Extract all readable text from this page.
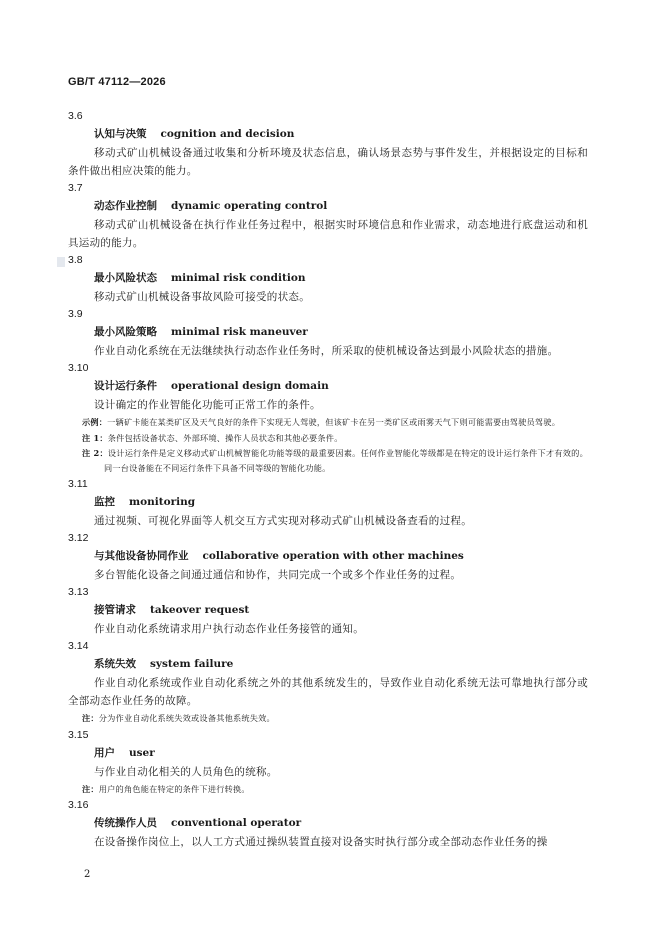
GB/T 47112—2026
3.6
认知与决策 cognition and decision
移动式矿山机械设备通过收集和分析环境及状态信息，确认场景态势与事件发生，并根据设定的目标和条件做出相应决策的能力。
3.7
动态作业控制 dynamic operating control
移动式矿山机械设备在执行作业任务过程中，根据实时环境信息和作业需求，动态地进行底盘运动和机具运动的能力。
3.8
最小风险状态 minimal risk condition
移动式矿山机械设备事故风险可接受的状态。
3.9
最小风险策略 minimal risk maneuver
作业自动化系统在无法继续执行动态作业任务时，所采取的使机械设备达到最小风险状态的措施。
3.10
设计运行条件 operational design domain
设计确定的作业智能化功能可正常工作的条件。
示例：一辆矿卡能在某类矿区及天气良好的条件下实现无人驾驶，但该矿卡在另一类矿区或雨雾天气下则可能需要由驾驶员驾驶。
注 1：条件包括设备状态、外部环境、操作人员状态和其他必要条件。
注 2：设计运行条件是定义移动式矿山机械智能化功能等级的最重要因素。任何作业智能化等级都是在特定的设计运行条件下才有效的。同一台设备能在不同运行条件下具备不同等级的智能化功能。
3.11
监控 monitoring
通过视频、可视化界面等人机交互方式实现对移动式矿山机械设备查看的过程。
3.12
与其他设备协同作业 collaborative operation with other machines
多台智能化设备之间通过通信和协作，共同完成一个或多个作业任务的过程。
3.13
接管请求 takeover request
作业自动化系统请求用户执行动态作业任务接管的通知。
3.14
系统失效 system failure
作业自动化系统或作业自动化系统之外的其他系统发生的，导致作业自动化系统无法可靠地执行部分或全部动态作业任务的故障。
注：分为作业自动化系统失效或设备其他系统失效。
3.15
用户 user
与作业自动化相关的人员角色的统称。
注：用户的角色能在特定的条件下进行转换。
3.16
传统操作人员 conventional operator
在设备操作岗位上，以人工方式通过操纵装置直接对设备实时执行部分或全部动态作业任务的操
2
